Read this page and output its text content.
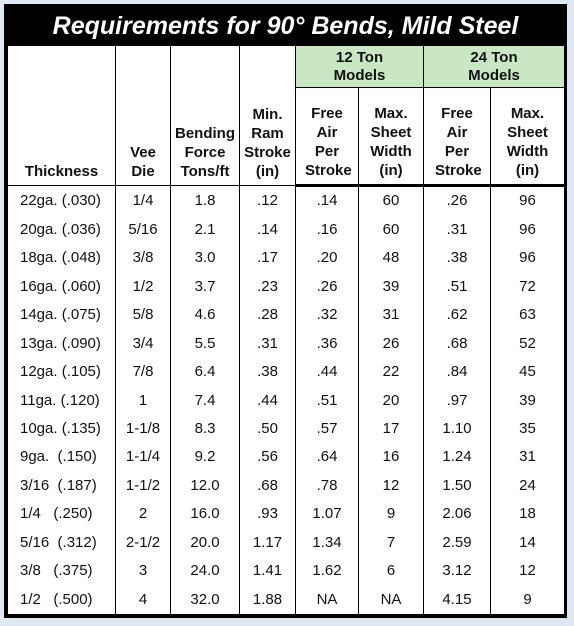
Requirements for 90° Bends, Mild Steel
Thickness	Vee Die	Bending Force Tons/ft	Min. Ram Stroke (in)	12 Ton Models		24 Ton Models	

				Free Air Per Stroke	Max. Sheet Width (in)	Free Air Per Stroke	Max. Sheet Width (in)

22ga. (.030)	1/4	1.8	.12	.14	60	.26	96
20ga. (.036)	5/16	2.1	.14	.16	60	.31	96
18ga. (.048)	3/8	3.0	.17	.20	48	.38	96
16ga. (.060)	1/2	3.7	.23	.26	39	.51	72
14ga. (.075)	5/8	4.6	.28	.32	31	.62	63
13ga. (.090)	3/4	5.5	.31	.36	26	.68	52
12ga. (.105)	7/8	6.4	.38	.44	22	.84	45
11ga. (.120)	1	7.4	.44	.51	20	.97	39
10ga. (.135)	1-1/8	8.3	.50	.57	17	1.10	35
9ga.  (.150)	1-1/4	9.2	.56	.64	16	1.24	31
3/16  (.187)	1-1/2	12.0	.68	.78	12	1.50	24
1/4   (.250)	2	16.0	.93	1.07	9	2.06	18
5/16  (.312)	2-1/2	20.0	1.17	1.34	7	2.59	14
3/8   (.375)	3	24.0	1.41	1.62	6	3.12	12
1/2   (.500)	4	32.0	1.88	NA	NA	4.15	9
